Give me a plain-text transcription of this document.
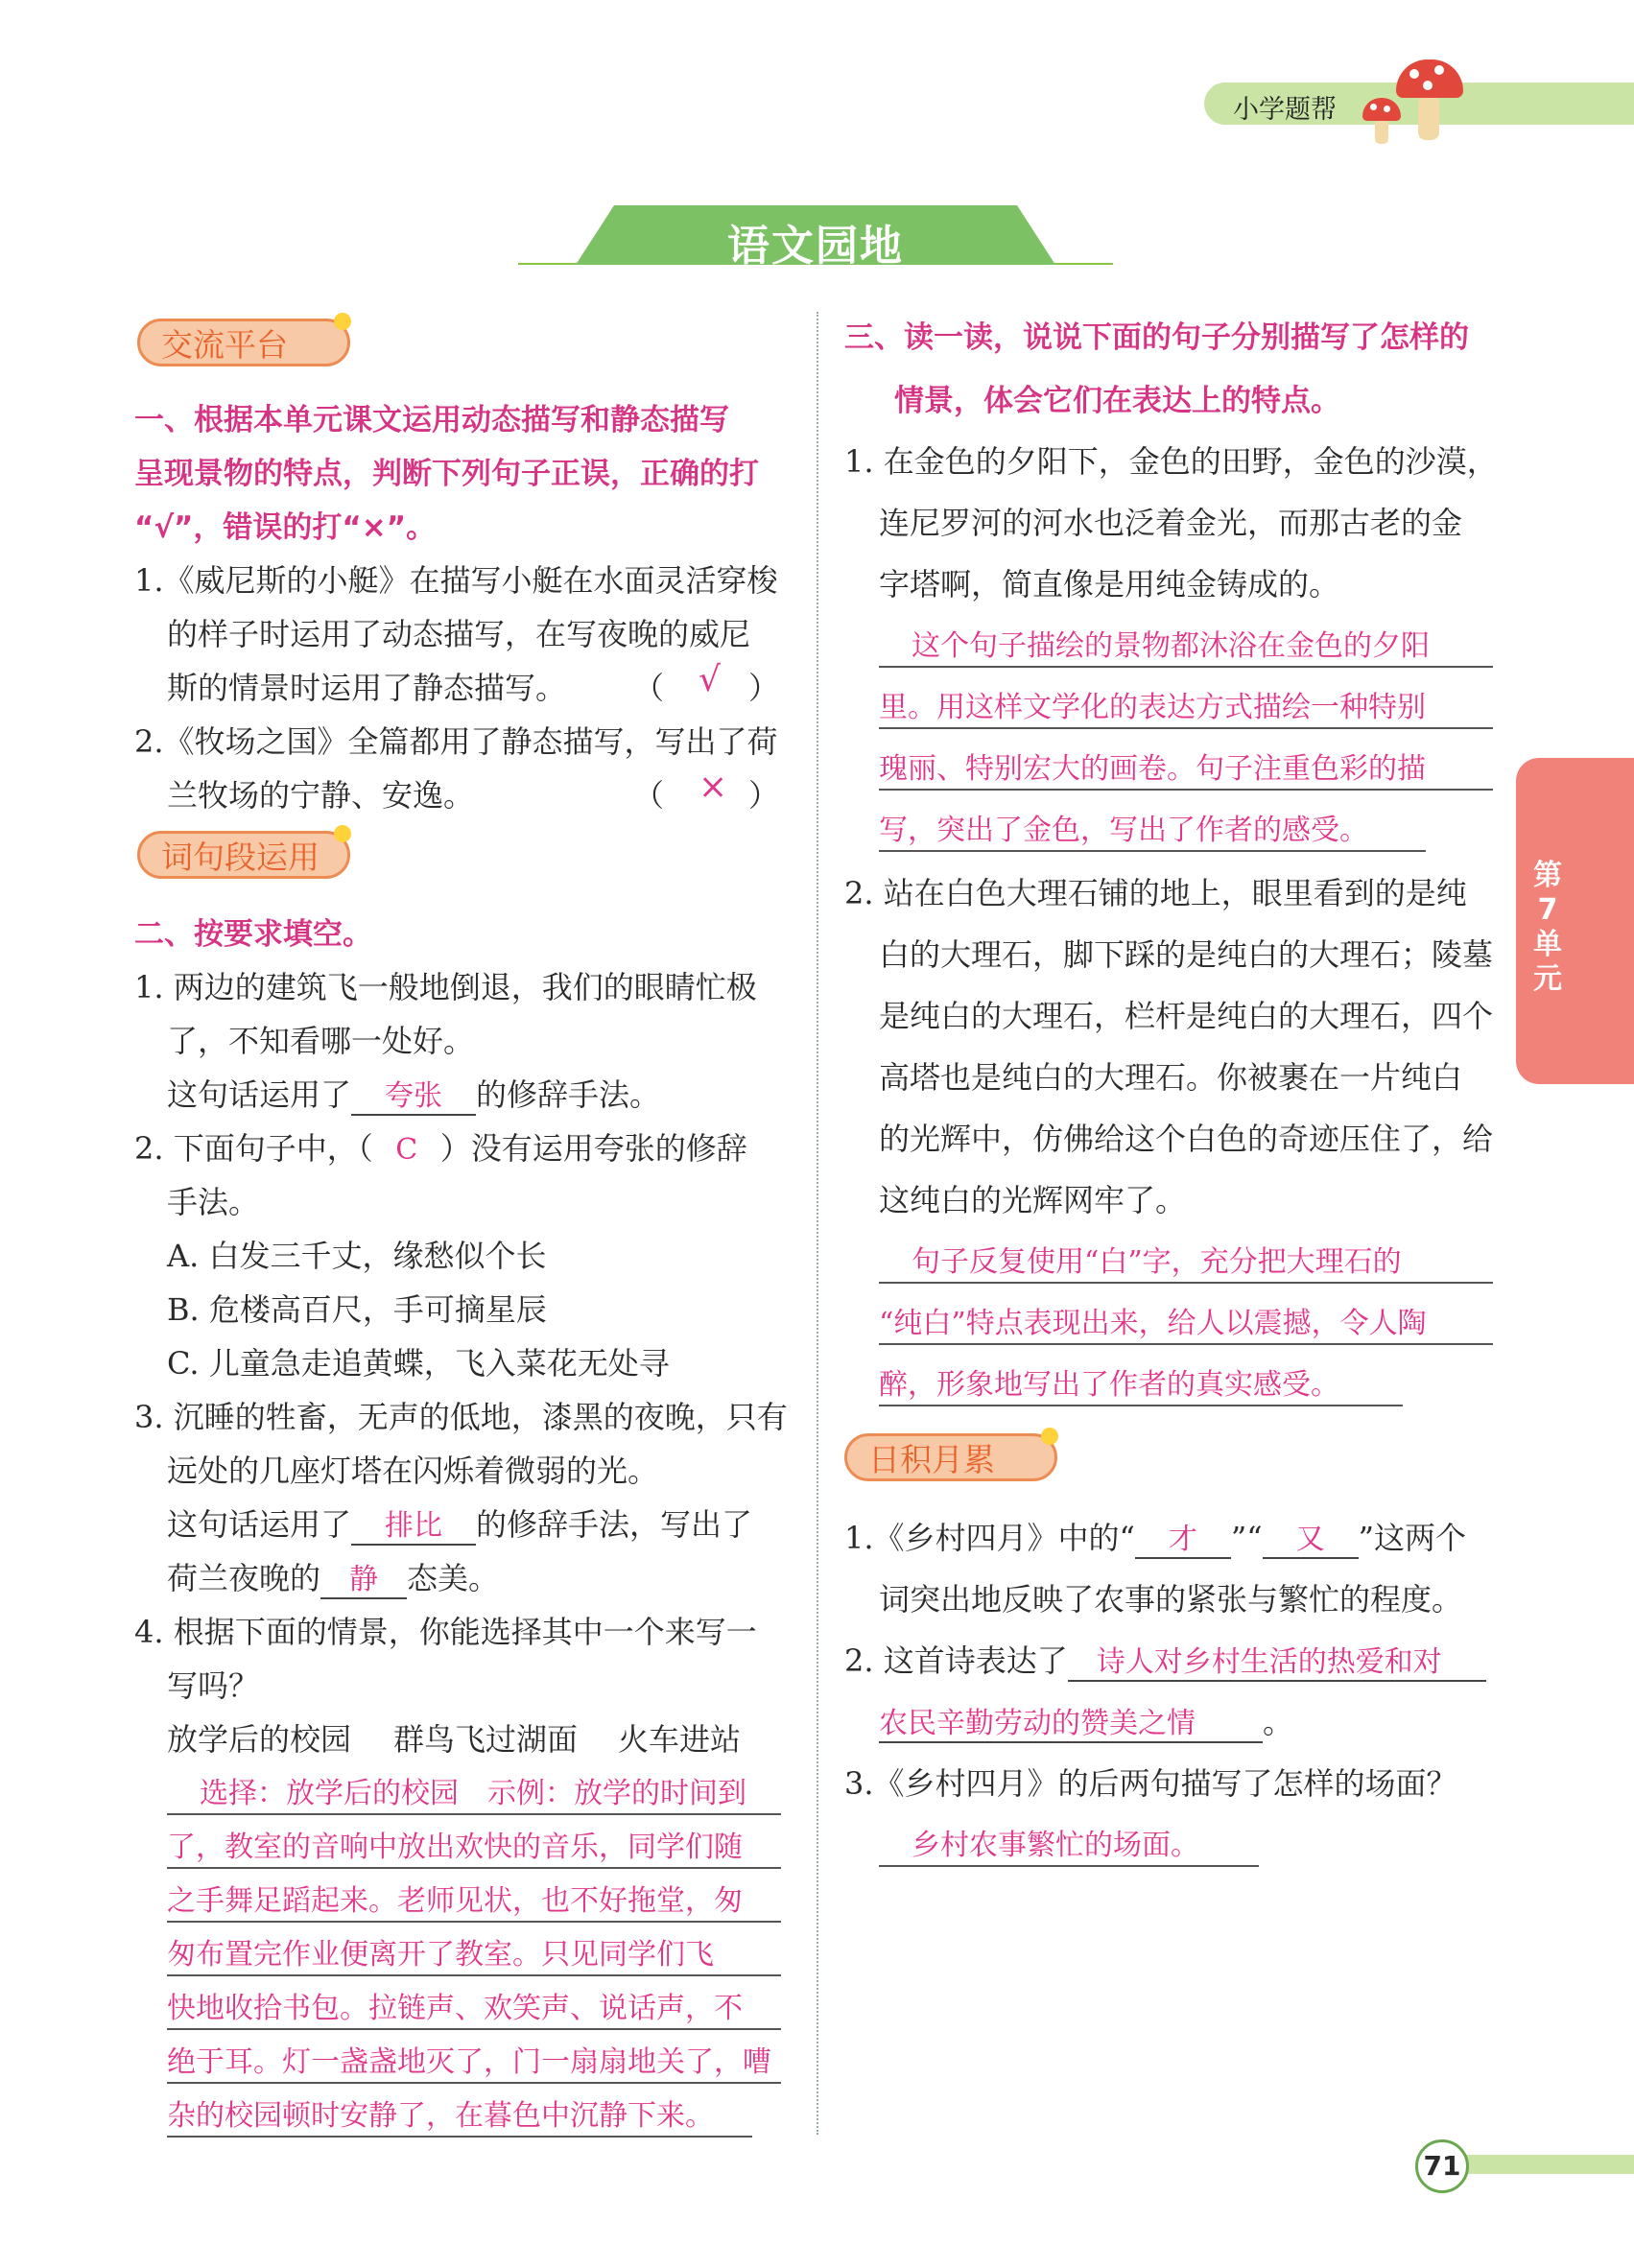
小学题帮
语文园地
第7单元
交流平台
一、根据本单元课文运用动态描写和静态描写
呈现景物的特点，判断下列句子正误，正确的打
“√”，错误的打“×”。
1.《威尼斯的小艇》在描写小艇在水面灵活穿梭
的样子时运用了动态描写，在写夜晚的威尼
斯的情景时运用了静态描写。 （ √ ）
2.《牧场之国》全篇都用了静态描写，写出了荷
兰牧场的宁静、安逸。	（ × ）
词句段运用
二、按要求填空。
1. 两边的建筑飞一般地倒退，我们的眼睛忙极
了，不知看哪一处好。
这句话运用了 夸张 的修辞手法。
2. 下面句子中，（ C ）没有运用夸张的修辞
手法。
A. 白发三千丈，缘愁似个长
B. 危楼高百尺，手可摘星辰
C. 儿童急走追黄蝶，飞入菜花无处寻
3. 沉睡的牲畜，无声的低地，漆黑的夜晚，只有
远处的几座灯塔在闪烁着微弱的光。
这句话运用了 排比 的修辞手法，写出了
荷兰夜晚的 静 态美。
4. 根据下面的情景，你能选择其中一个来写一
写吗？
放学后的校园 群鸟飞过湖面 火车进站
选择：放学后的校园　示例：放学的时间到
了，教室的音响中放出欢快的音乐，同学们随
之手舞足蹈起来。老师见状，也不好拖堂，匆
匆布置完作业便离开了教室。只见同学们飞
快地收拾书包。拉链声、欢笑声、说话声，不
绝于耳。灯一盏盏地灭了，门一扇扇地关了，嘈
杂的校园顿时安静了，在暮色中沉静下来。
三、读一读，说说下面的句子分别描写了怎样的
情景，体会它们在表达上的特点。
1. 在金色的夕阳下，金色的田野，金色的沙漠，
连尼罗河的河水也泛着金光，而那古老的金
字塔啊，简直像是用纯金铸成的。
这个句子描绘的景物都沐浴在金色的夕阳
里。用这样文学化的表达方式描绘一种特别
瑰丽、特别宏大的画卷。句子注重色彩的描
写，突出了金色，写出了作者的感受。
2. 站在白色大理石铺的地上，眼里看到的是纯
白的大理石，脚下踩的是纯白的大理石；陵墓
是纯白的大理石，栏杆是纯白的大理石，四个
高塔也是纯白的大理石。你被裹在一片纯白
的光辉中，仿佛给这个白色的奇迹压住了，给
这纯白的光辉网牢了。
句子反复使用“白”字，充分把大理石的
“纯白”特点表现出来，给人以震撼，令人陶
醉，形象地写出了作者的真实感受。
日积月累
1.《乡村四月》中的“ 才 ”“ 又 ”这两个
词突出地反映了农事的紧张与繁忙的程度。
2. 这首诗表达了 诗人对乡村生活的热爱和对
农民辛勤劳动的赞美之情 。
3.《乡村四月》的后两句描写了怎样的场面？
乡村农事繁忙的场面。
71
